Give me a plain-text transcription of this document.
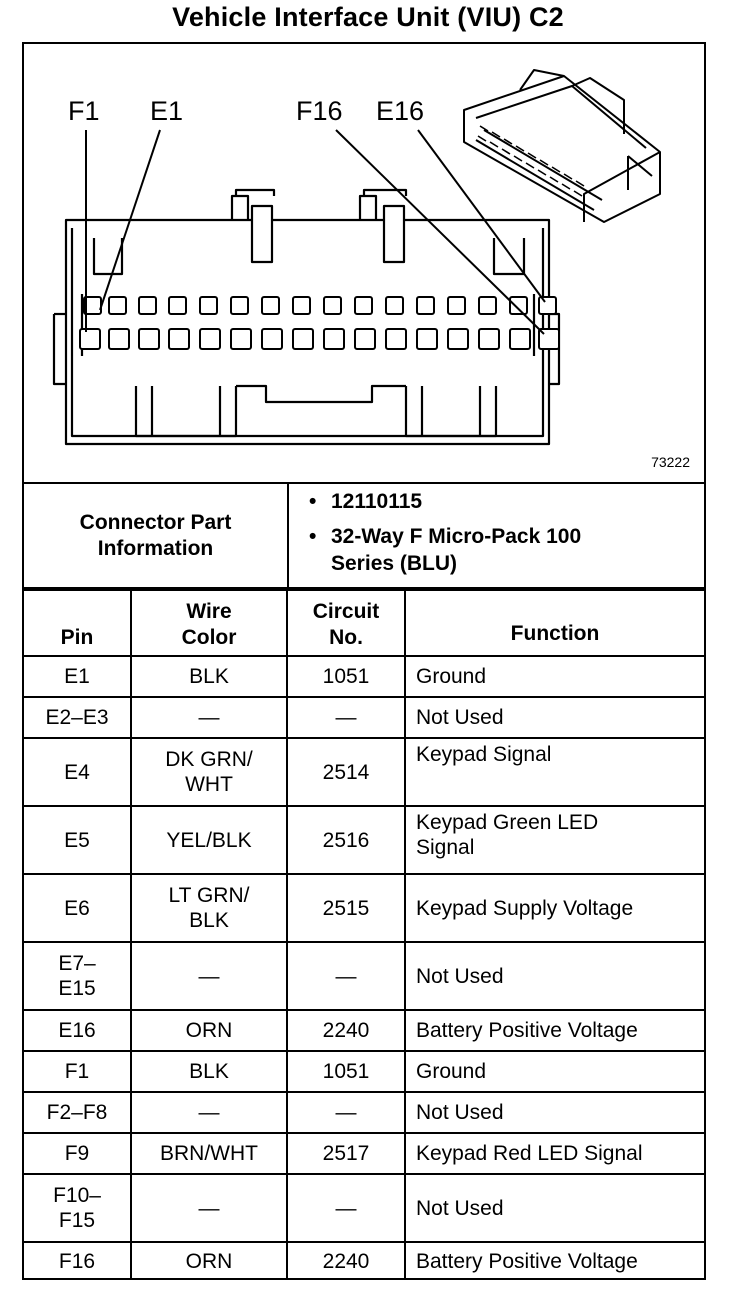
Vehicle Interface Unit (VIU) C2
F1 E1	F16 E16
73222
Connector Part Information
• 12110115
• 32-Way F Micro-Pack 100 Series (BLU)
Pin	Wire Color	Circuit No.	Function
E1	BLK	1051	Ground
E2–E3	—	—	Not Used
E4	DK GRN/ WHT	2514	Keypad Signal
E5	YEL/BLK	2516	Keypad Green LED Signal

E6	LT GRN/ BLK	2515	Keypad Supply Voltage

E7– E15	—	—	Not Used
E16	ORN	2240	Battery Positive Voltage
F1	BLK	1051	Ground
F2–F8	—	—	Not Used
F9	BRN/WHT	2517	Keypad Red LED Signal

F10– F15	—	—	Not Used
F16	ORN	2240	Battery Positive Voltage
